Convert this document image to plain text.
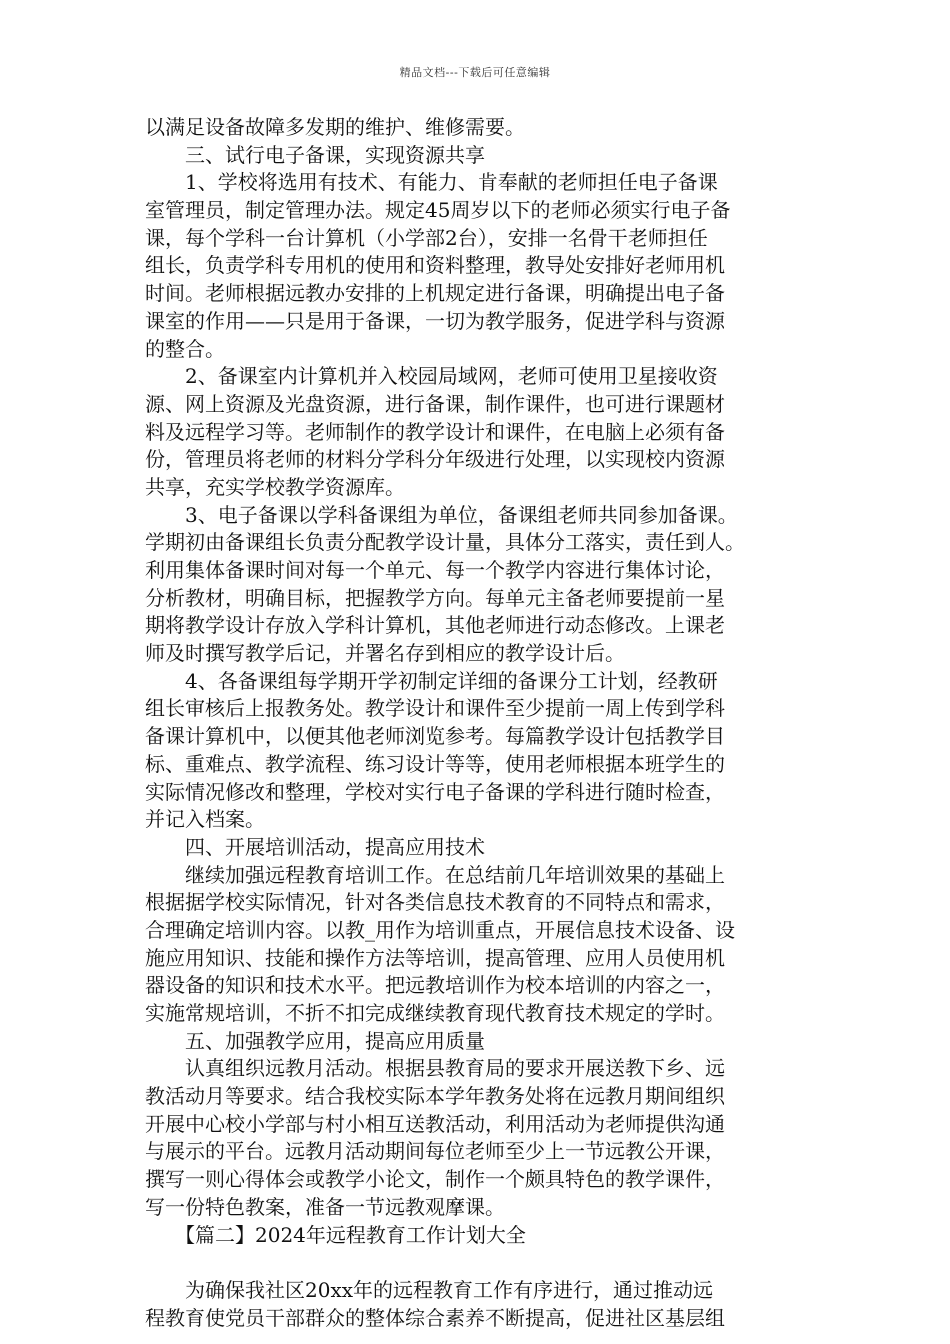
精品文档---下载后可任意编辑
以满足设备故障多发期的维护、维修需要。
　　三、试行电子备课，实现资源共享
　　1、学校将选用有技术、有能力、肯奉献的老师担任电子备课
室管理员，制定管理办法。规定45周岁以下的老师必须实行电子备
课，每个学科一台计算机（小学部2台），安排一名骨干老师担任
组长，负责学科专用机的使用和资料整理，教导处安排好老师用机
时间。老师根据远教办安排的上机规定进行备课，明确提出电子备
课室的作用——只是用于备课，一切为教学服务，促进学科与资源
的整合。
　　2、备课室内计算机并入校园局域网，老师可使用卫星接收资
源、网上资源及光盘资源，进行备课，制作课件，也可进行课题材
料及远程学习等。老师制作的教学设计和课件，在电脑上必须有备
份，管理员将老师的材料分学科分年级进行处理，以实现校内资源
共享，充实学校教学资源库。
　　3、电子备课以学科备课组为单位，备课组老师共同参加备课。
学期初由备课组长负责分配教学设计量，具体分工落实，责任到人。
利用集体备课时间对每一个单元、每一个教学内容进行集体讨论，
分析教材，明确目标，把握教学方向。每单元主备老师要提前一星
期将教学设计存放入学科计算机，其他老师进行动态修改。上课老
师及时撰写教学后记，并署名存到相应的教学设计后。
　　4、各备课组每学期开学初制定详细的备课分工计划，经教研
组长审核后上报教务处。教学设计和课件至少提前一周上传到学科
备课计算机中，以便其他老师浏览参考。每篇教学设计包括教学目
标、重难点、教学流程、练习设计等等，使用老师根据本班学生的
实际情况修改和整理，学校对实行电子备课的学科进行随时检查，
并记入档案。
　　四、开展培训活动，提高应用技术
　　继续加强远程教育培训工作。在总结前几年培训效果的基础上
根据据学校实际情况，针对各类信息技术教育的不同特点和需求，
合理确定培训内容。以教_用作为培训重点，开展信息技术设备、设
施应用知识、技能和操作方法等培训，提高管理、应用人员使用机
器设备的知识和技术水平。把远教培训作为校本培训的内容之一，
实施常规培训，不折不扣完成继续教育现代教育技术规定的学时。
　　五、加强教学应用，提高应用质量
　　认真组织远教月活动。根据县教育局的要求开展送教下乡、远
教活动月等要求。结合我校实际本学年教务处将在远教月期间组织
开展中心校小学部与村小相互送教活动，利用活动为老师提供沟通
与展示的平台。远教月活动期间每位老师至少上一节远教公开课，
撰写一则心得体会或教学小论文，制作一个颇具特色的教学课件，
写一份特色教案，准备一节远教观摩课。
　　【篇二】2024年远程教育工作计划大全
　　为确保我社区20xx年的远程教育工作有序进行，通过推动远
程教育使党员干部群众的整体综合素养不断提高，促进社区基层组
